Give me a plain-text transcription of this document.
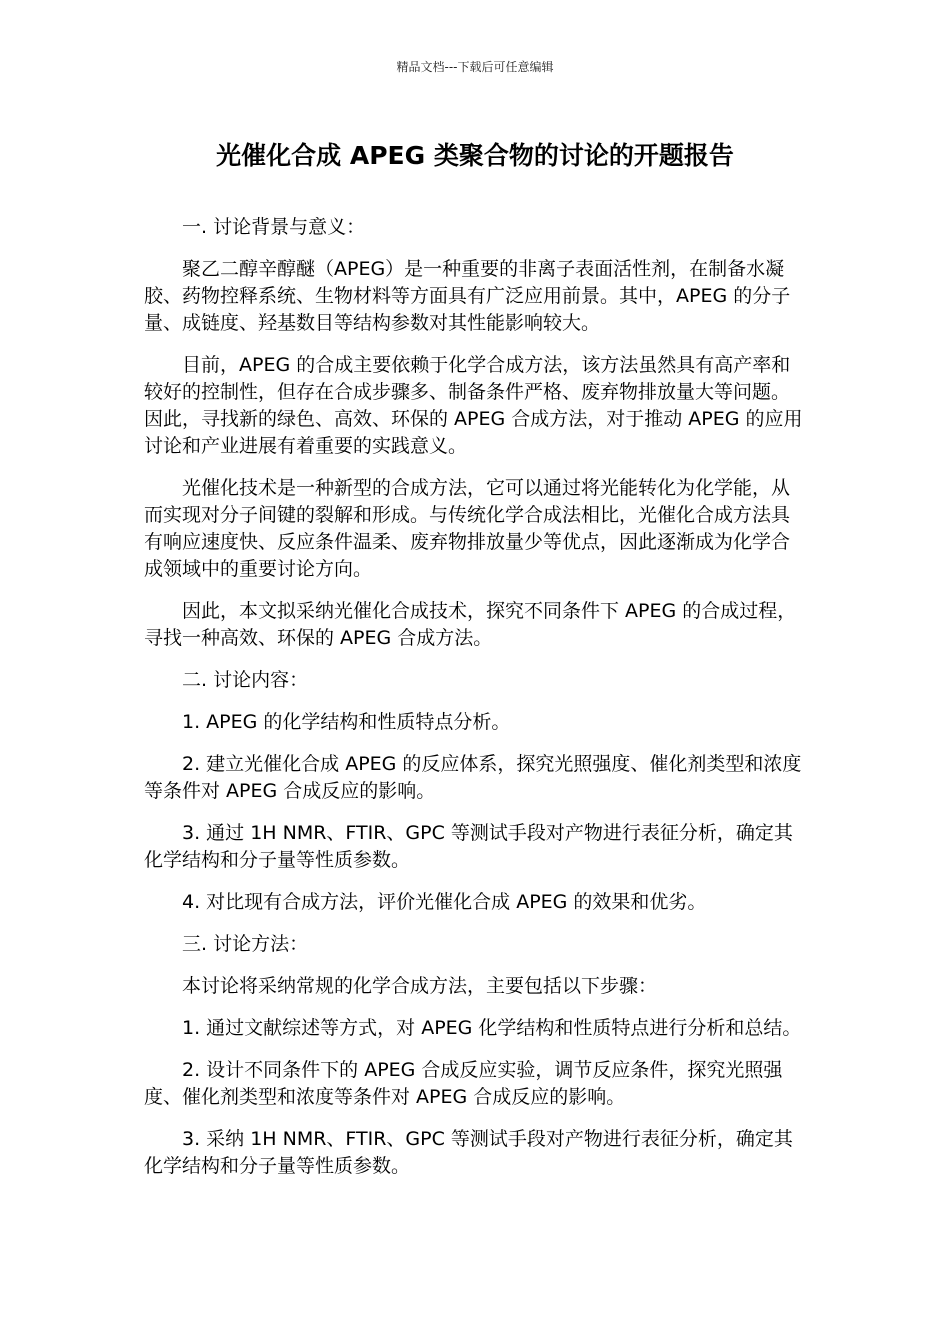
精品文档---下载后可任意编辑
光催化合成 APEG 类聚合物的讨论的开题报告

一. 讨论背景与意义：

聚乙二醇辛醇醚（APEG）是一种重要的非离子表面活性剂，在制备水凝胶、药物控释系统、生物材料等方面具有广泛应用前景。其中，APEG 的分子量、成链度、羟基数目等结构参数对其性能影响较大。

目前，APEG 的合成主要依赖于化学合成方法，该方法虽然具有高产率和较好的控制性，但存在合成步骤多、制备条件严格、废弃物排放量大等问题。因此，寻找新的绿色、高效、环保的 APEG 合成方法，对于推动 APEG 的应用讨论和产业进展有着重要的实践意义。

光催化技术是一种新型的合成方法，它可以通过将光能转化为化学能，从而实现对分子间键的裂解和形成。与传统化学合成法相比，光催化合成方法具有响应速度快、反应条件温柔、废弃物排放量少等优点，因此逐渐成为化学合成领域中的重要讨论方向。

因此，本文拟采纳光催化合成技术，探究不同条件下 APEG 的合成过程，寻找一种高效、环保的 APEG 合成方法。

二. 讨论内容：

1. APEG 的化学结构和性质特点分析。

2. 建立光催化合成 APEG 的反应体系，探究光照强度、催化剂类型和浓度等条件对 APEG 合成反应的影响。

3. 通过 1H NMR、FTIR、GPC 等测试手段对产物进行表征分析，确定其化学结构和分子量等性质参数。

4. 对比现有合成方法，评价光催化合成 APEG 的效果和优劣。

三. 讨论方法：

本讨论将采纳常规的化学合成方法，主要包括以下步骤：

1. 通过文献综述等方式，对 APEG 化学结构和性质特点进行分析和总结。

2. 设计不同条件下的 APEG 合成反应实验，调节反应条件，探究光照强度、催化剂类型和浓度等条件对 APEG 合成反应的影响。

3. 采纳 1H NMR、FTIR、GPC 等测试手段对产物进行表征分析，确定其化学结构和分子量等性质参数。
